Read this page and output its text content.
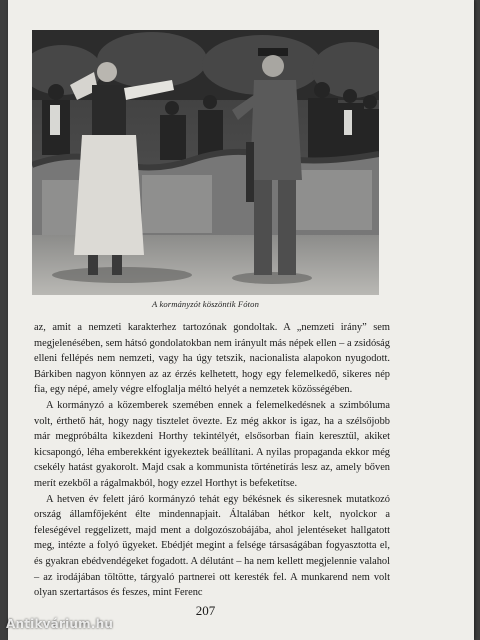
A kormányzót köszöntik Fóton

az, amit a nemzeti karakterhez tartozónak gondoltak. A „nemzeti irány” sem megjelenésében, sem hátsó gondolatokban nem irányult más népek ellen – a zsidóság elleni fellépés nem nemzeti, vagy ha úgy tetszik, nacionalista alapokon nyugodott. Bárkiben nagyon könnyen az az érzés kelhetett, hogy egy felemelkedő, sikeres nép fia, egy népé, amely végre elfoglalja méltó helyét a nemzetek közösségében.

A kormányzó a közemberek szemében ennek a felemelkedésnek a szimbóluma volt, érthető hát, hogy nagy tisztelet övezte. Ez még akkor is igaz, ha a szélsőjobb már megpróbálta kikezdeni Horthy tekintélyét, elsősorban fiain keresztül, akiket kicsapongó, léha emberekként igyekeztek beállítani. A nyilas propaganda ekkor még csekély hatást gyakorolt. Majd csak a kommunista történetírás lesz az, amely bőven merít ezekből a rágalmakból, hogy ezzel Horthyt is befeketítse.

A hetven év felett járó kormányzó tehát egy békésnek és sikeresnek mutatkozó ország államfőjeként élte mindennapjait. Általában hétkor kelt, nyolckor a feleségével reggelizett, majd ment a dolgozószobájába, ahol jelentéseket hallgatott meg, intézte a folyó ügyeket. Ebédjét megint a felsége társaságában fogyasztotta el, és gyakran ebédvendégeket fogadott. A délutánt – ha nem kellett megjelennie valahol – az irodájában töltötte, tárgyaló partnerei ott keresték fel. A munkarend nem volt olyan szertartásos és feszes, mint Ferenc

207
Antikvárium.hu
